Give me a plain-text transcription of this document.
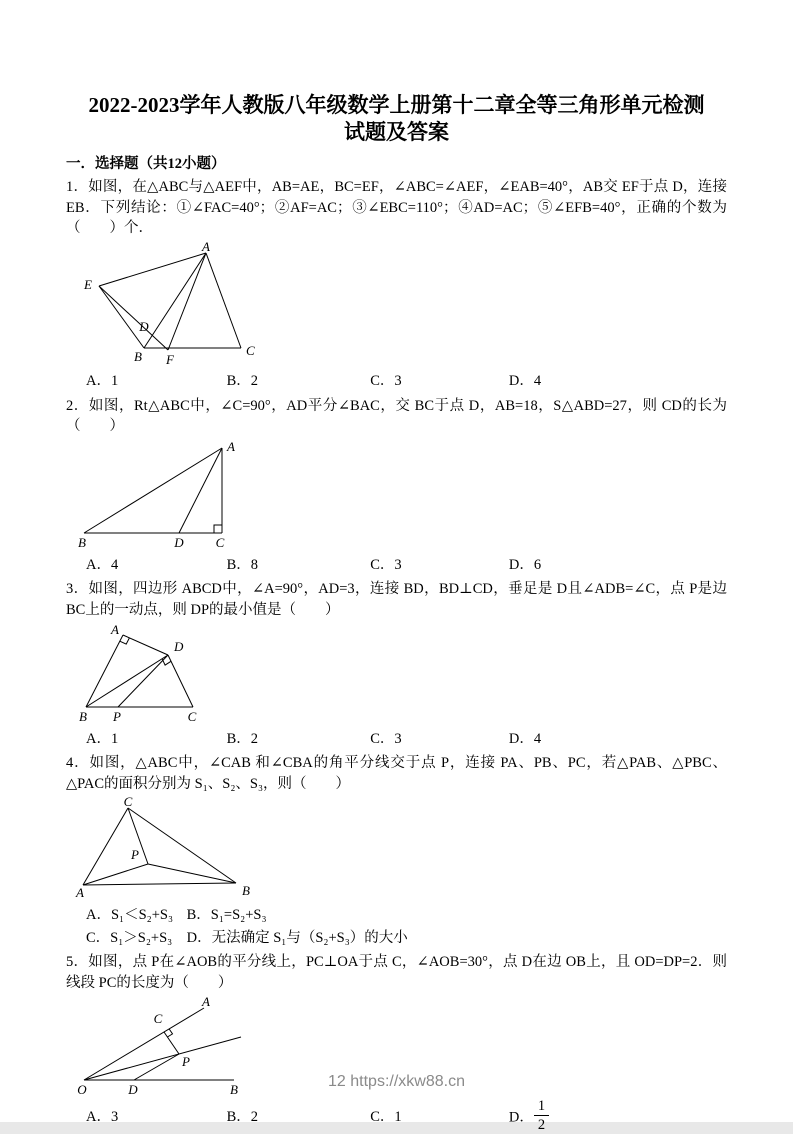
2022-2023学年人教版八年级数学上册第十二章全等三角形单元检测
试题及答案
一．选择题（共12小题）
1．如图，在△ABC与△AEF中，AB=AE，BC=EF，∠ABC=∠AEF，∠EAB=40°，AB交 EF于点 D，连接 EB．下列结论：①∠FAC=40°；②AF=AC；③∠EBC=110°；④AD=AC；⑤∠EFB=40°，正确的个数为（　　）个．
A
E
D
B F
C
A．1	B．2	C．3	D．4
2．如图，Rt△ABC中，∠C=90°，AD平分∠BAC，交 BC于点 D，AB=18，S△ABD=27，则 CD的长为（　　）
A
B	D C
A．4	B．8	C．3	D．6
3．如图，四边形 ABCD中，∠A=90°，AD=3，连接 BD，BD⊥CD，垂足是 D且∠ADB=∠C，点 P是边 BC上的一动点，则 DP的最小值是（　　）
A
D
B P	C
A．1	B．2	C．3	D．4
4．如图，△ABC中，∠CAB 和∠CBA的角平分线交于点 P，连接 PA、PB、PC，若△PAB、△PBC、△PAC的面积分别为 S₁、S₂、S₃，则（　　）
C
P
A	B
A．S₁＜S₂+S₃ B．S₁=S₂+S₃
C．S₁＞S₂+S₃ D．无法确定 S₁与（S₂+S₃）的大小
5．如图，点 P在∠AOB的平分线上，PC⊥OA于点 C，∠AOB=30°，点 D在边 OB上，且 OD=DP=2．则线段 PC的长度为（　　）
A
C
P
O	D	B
A．3	B．2	C．1	D． $\frac{1}{2}$
12 https://xkw88.cn
